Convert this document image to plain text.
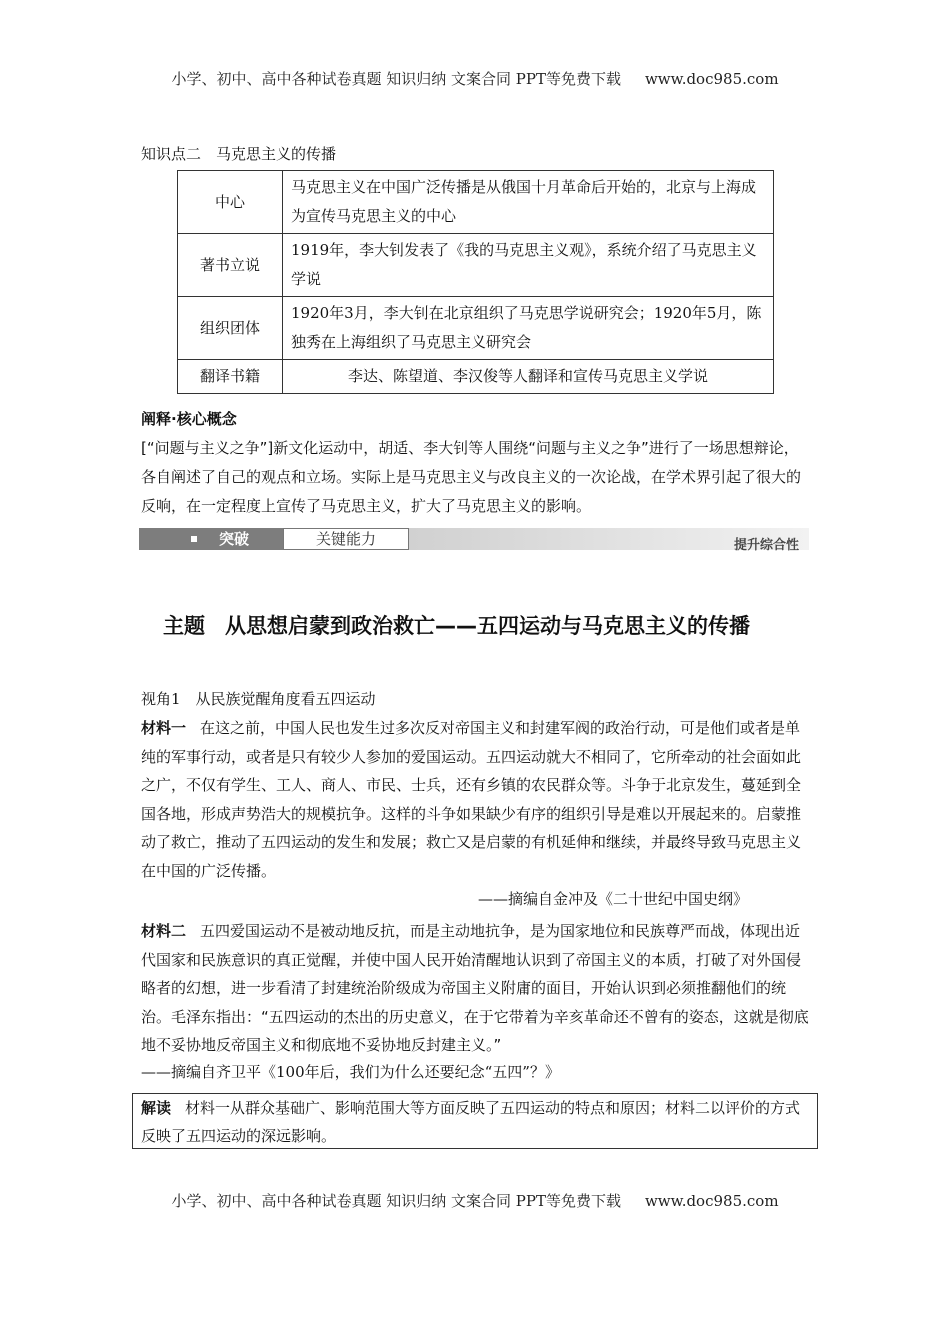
小学、初中、高中各种试卷真题 知识归纳 文案合同 PPT等免费下载 www.doc985.com
知识点二　马克思主义的传播
中心	马克思主义在中国广泛传播是从俄国十月革命后开始的，北京与上海成为宣传马克思主义的中心
著书立说	1919年，李大钊发表了《我的马克思主义观》，系统介绍了马克思主义学说
组织团体	1920年3月，李大钊在北京组织了马克思学说研究会；1920年5月，陈独秀在上海组织了马克思主义研究会
翻译书籍	李达、陈望道、李汉俊等人翻译和宣传马克思主义学说
阐释·核心概念
[“问题与主义之争”]新文化运动中，胡适、李大钊等人围绕“问题与主义之争”进行了一场思想辩论，各自阐述了自己的观点和立场。实际上是马克思主义与改良主义的一次论战，在学术界引起了很大的反响，在一定程度上宣传了马克思主义，扩大了马克思主义的影响。
突破	关键能力	提升综合性
主题 从思想启蒙到政治救亡——五四运动与马克思主义的传播
视角1　从民族觉醒角度看五四运动
材料一 在这之前，中国人民也发生过多次反对帝国主义和封建军阀的政治行动，可是他们或者是单纯的军事行动，或者是只有较少人参加的爱国运动。五四运动就大不相同了，它所牵动的社会面如此之广，不仅有学生、工人、商人、市民、士兵，还有乡镇的农民群众等。斗争于北京发生，蔓延到全国各地，形成声势浩大的规模抗争。这样的斗争如果缺少有序的组织引导是难以开展起来的。启蒙推动了救亡，推动了五四运动的发生和发展；救亡又是启蒙的有机延伸和继续，并最终导致马克思主义在中国的广泛传播。
——摘编自金冲及《二十世纪中国史纲》
材料二 五四爱国运动不是被动地反抗，而是主动地抗争，是为国家地位和民族尊严而战，体现出近代国家和民族意识的真正觉醒，并使中国人民开始清醒地认识到了帝国主义的本质，打破了对外国侵略者的幻想，进一步看清了封建统治阶级成为帝国主义附庸的面目，开始认识到必须推翻他们的统治。毛泽东指出：“五四运动的杰出的历史意义，在于它带着为辛亥革命还不曾有的姿态，这就是彻底地不妥协地反帝国主义和彻底地不妥协地反封建主义。”
——摘编自齐卫平《100年后，我们为什么还要纪念“五四”？》
解读 材料一从群众基础广、影响范围大等方面反映了五四运动的特点和原因；材料二以评价的方式反映了五四运动的深远影响。
小学、初中、高中各种试卷真题 知识归纳 文案合同 PPT等免费下载 www.doc985.com
